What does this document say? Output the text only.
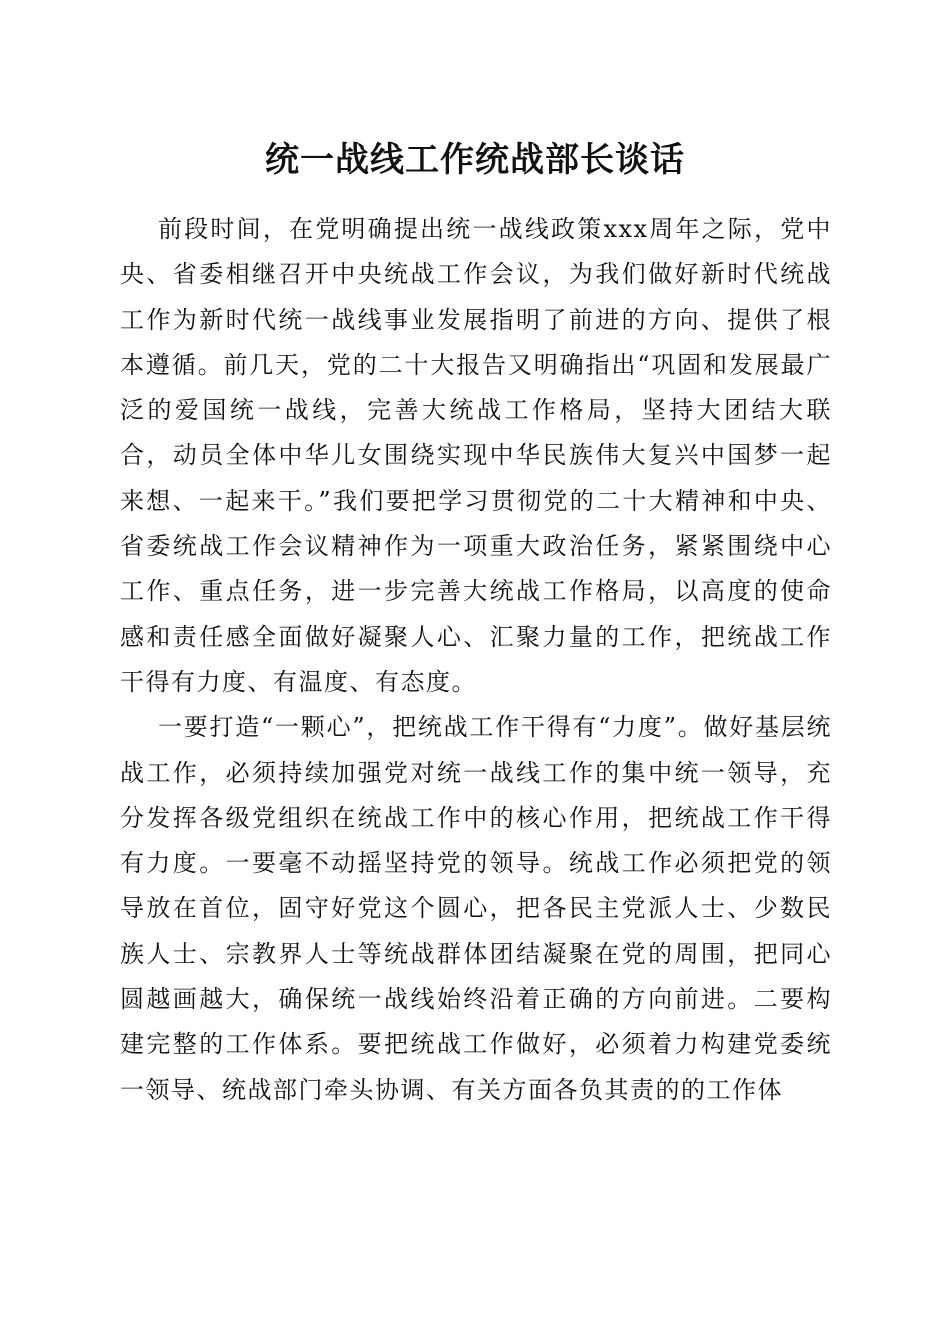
统一战线工作统战部长谈话

前段时间，在党明确提出统一战线政策xxx周年之际，党中央、省委相继召开中央统战工作会议，为我们做好新时代统战工作为新时代统一战线事业发展指明了前进的方向、提供了根本遵循。前几天，党的二十大报告又明确指出“巩固和发展最广泛的爱国统一战线，完善大统战工作格局，坚持大团结大联合，动员全体中华儿女围绕实现中华民族伟大复兴中国梦一起来想、一起来干。”我们要把学习贯彻党的二十大精神和中央、省委统战工作会议精神作为一项重大政治任务，紧紧围绕中心工作、重点任务，进一步完善大统战工作格局，以高度的使命感和责任感全面做好凝聚人心、汇聚力量的工作，把统战工作干得有力度、有温度、有态度。

一要打造“一颗心”，把统战工作干得有“力度”。做好基层统战工作，必须持续加强党对统一战线工作的集中统一领导，充分发挥各级党组织在统战工作中的核心作用，把统战工作干得有力度。一要毫不动摇坚持党的领导。统战工作必须把党的领导放在首位，固守好党这个圆心，把各民主党派人士、少数民族人士、宗教界人士等统战群体团结凝聚在党的周围，把同心圆越画越大，确保统一战线始终沿着正确的方向前进。二要构建完整的工作体系。要把统战工作做好，必须着力构建党委统一领导、统战部门牵头协调、有关方面各负其责的的工作体
